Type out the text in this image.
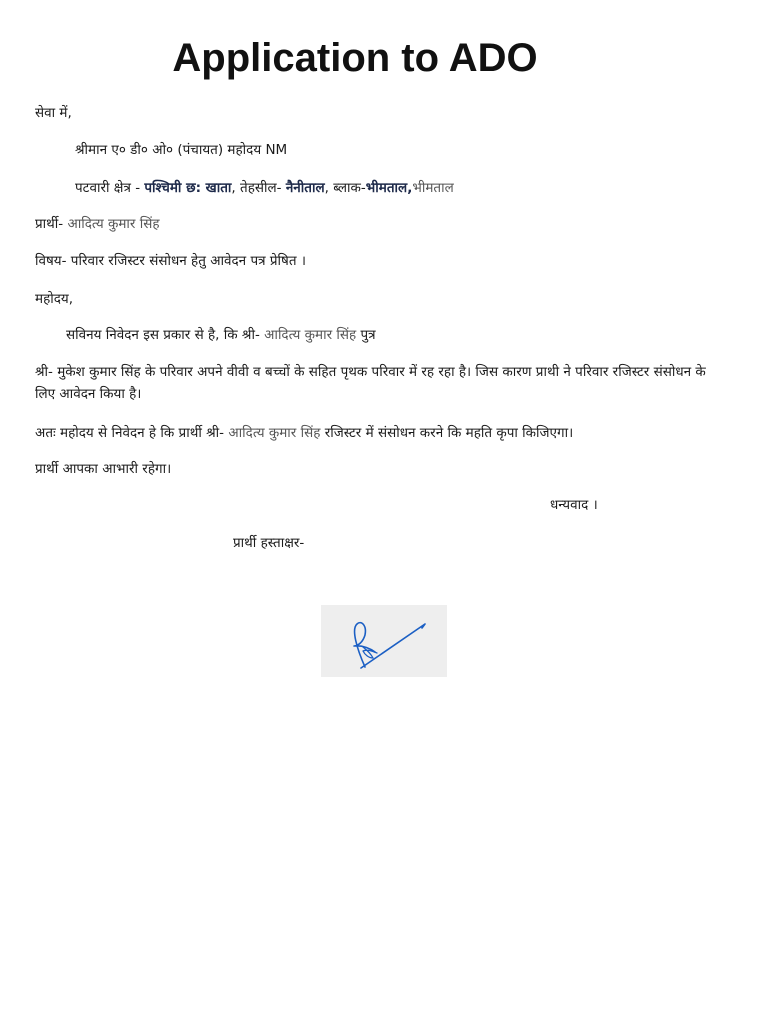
Application to ADO
सेवा में,
श्रीमान ए० डी० ओ० (पंचायत) महोदय NM
पटवारी क्षेत्र - पश्चिमी छ: खाता, तेहसील- नैनीताल, ब्लाक-भीमताल,भीमताल
प्रार्थी- आदित्य कुमार सिंह
विषय- परिवार रजिस्टर संसोधन हेतु आवेदन पत्र प्रेषित ।
महोदय,
सविनय निवेदन इस प्रकार से है, कि श्री- आदित्य कुमार सिंह पुत्र
श्री- मुकेश कुमार सिंह के परिवार अपने वीवी व बच्चों के सहित पृथक परिवार में रह रहा है। जिस कारण प्राथी ने परिवार रजिस्टर संसोधन के लिए आवेदन किया है।
अतः महोदय से निवेदन हे कि प्रार्थी श्री- आदित्य कुमार सिंह रजिस्टर में संसोधन करने कि महति कृपा किजिएगा।
प्रार्थी आपका आभारी रहेगा।
धन्यवाद ।
प्रार्थी हस्ताक्षर-
